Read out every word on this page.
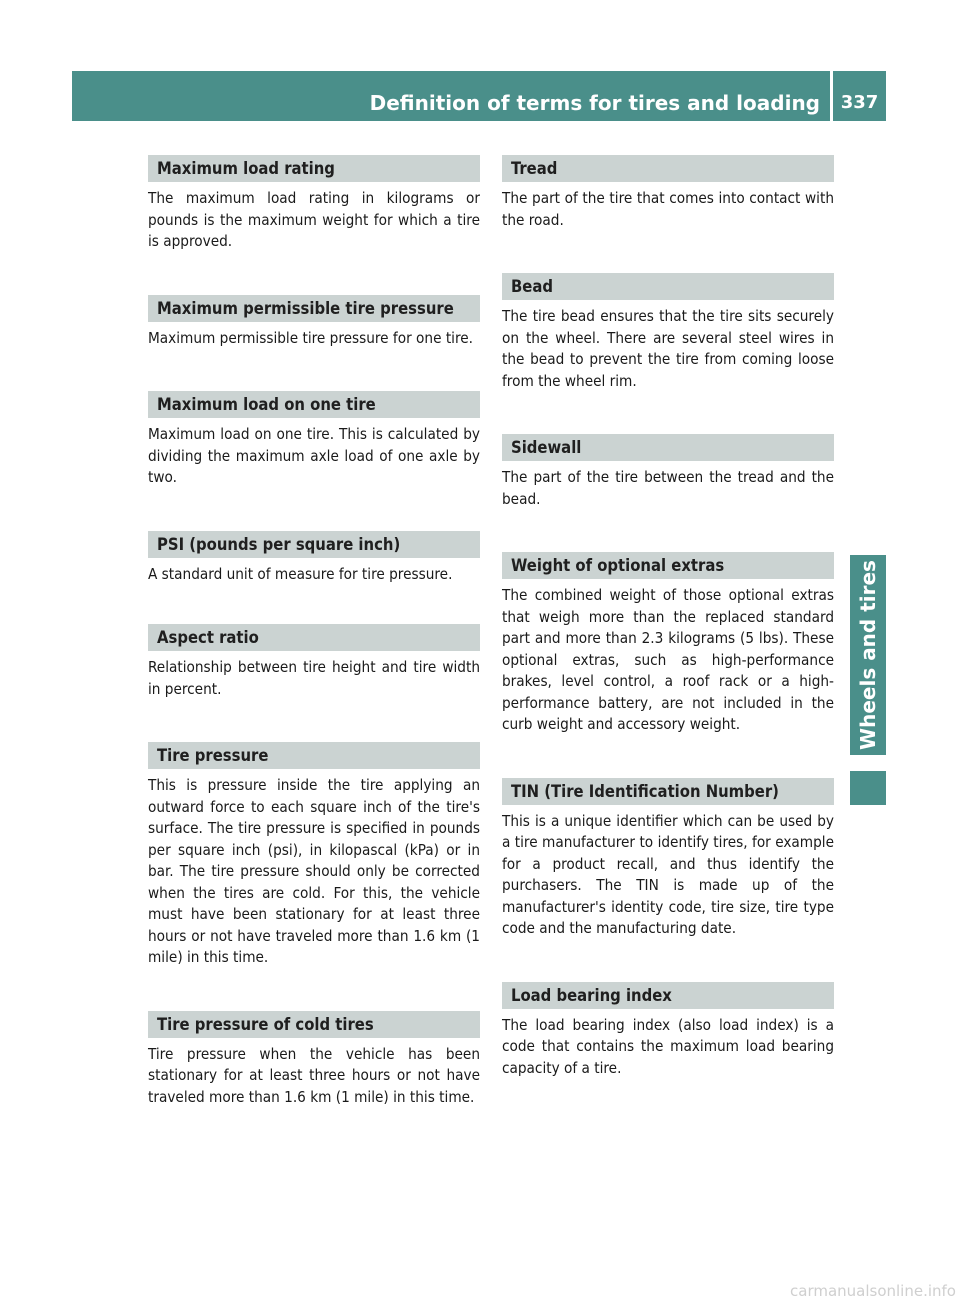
Definition of terms for tires and loading	337
Wheels and tires
Maximum load rating

The maximum load rating in kilograms or pounds is the maximum weight for which a tire is approved.

Maximum permissible tire pressure

Maximum permissible tire pressure for one tire.

Maximum load on one tire

Maximum load on one tire. This is calculated by dividing the maximum axle load of one axle by two.

PSI (pounds per square inch)

A standard unit of measure for tire pressure.

Aspect ratio

Relationship between tire height and tire width in percent.

Tire pressure

This is pressure inside the tire applying an outward force to each square inch of the tire's surface. The tire pressure is specified in pounds per square inch (psi), in kilopascal (kPa) or in bar. The tire pressure should only be corrected when the tires are cold. For this, the vehicle must have been stationary for at least three hours or not have traveled more than 1.6 km (1 mile) in this time.

Tire pressure of cold tires

Tire pressure when the vehicle has been stationary for at least three hours or not have traveled more than 1.6 km (1 mile) in this time.

Tread

The part of the tire that comes into contact with the road.

Bead

The tire bead ensures that the tire sits securely on the wheel. There are several steel wires in the bead to prevent the tire from coming loose from the wheel rim.

Sidewall

The part of the tire between the tread and the bead.

Weight of optional extras

The combined weight of those optional extras that weigh more than the replaced standard part and more than 2.3 kilograms (5 lbs). These optional extras, such as high-performance brakes, level control, a roof rack or a high-performance battery, are not included in the curb weight and accessory weight.

TIN (Tire Identification Number)

This is a unique identifier which can be used by a tire manufacturer to identify tires, for example for a product recall, and thus identify the purchasers. The TIN is made up of the manufacturer's identity code, tire size, tire type code and the manufacturing date.

Load bearing index

The load bearing index (also load index) is a code that contains the maximum load bearing capacity of a tire.

carmanualsonline.info
